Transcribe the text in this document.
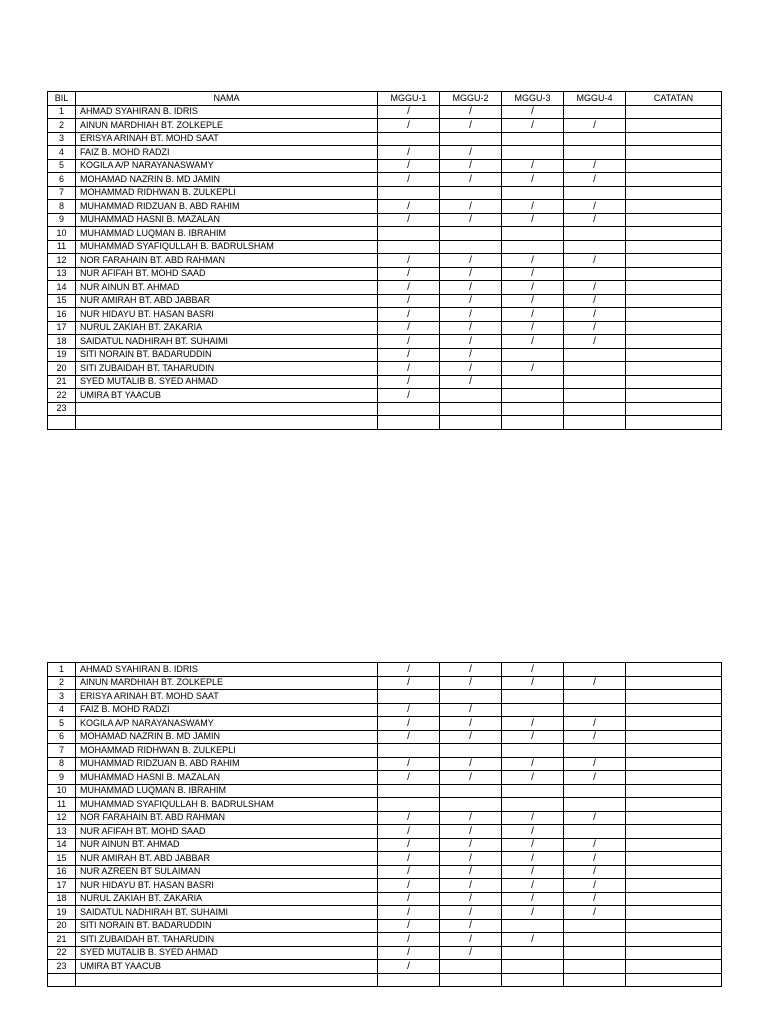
BIL	NAMA	MGGU-1	MGGU-2	MGGU-3	MGGU-4	CATATAN
1	AHMAD SYAHIRAN B. IDRIS	/	/	/		
2	AINUN MARDHIAH BT. ZOLKEPLE	/	/	/	/	
3	ERISYA ARINAH BT. MOHD SAAT					
4	FAIZ B. MOHD RADZI	/	/			
5	KOGILA A/P NARAYANASWAMY	/	/	/	/	
6	MOHAMAD NAZRIN B. MD JAMIN	/	/	/	/	
7	MOHAMMAD RIDHWAN B. ZULKEPLI					
8	MUHAMMAD RIDZUAN B. ABD RAHIM	/	/	/	/	
9	MUHAMMAD HASNI B. MAZALAN	/	/	/	/	
10	MUHAMMAD LUQMAN B. IBRAHIM					
11	MUHAMMAD SYAFIQULLAH B. BADRULSHAM					
12	NOR FARAHAIN BT. ABD RAHMAN	/	/	/	/	
13	NUR AFIFAH BT. MOHD SAAD	/	/	/		
14	NUR AINUN BT. AHMAD	/	/	/	/	
15	NUR AMIRAH BT. ABD JABBAR	/	/	/	/	
16	NUR HIDAYU BT. HASAN BASRI	/	/	/	/	
17	NURUL ZAKIAH BT. ZAKARIA	/	/	/	/	
18	SAIDATUL NADHIRAH BT. SUHAIMI	/	/	/	/	
19	SITI NORAIN BT. BADARUDDIN	/	/			
20	SITI ZUBAIDAH BT. TAHARUDIN	/	/	/		
21	SYED MUTALIB B. SYED AHMAD	/	/			
22	UMIRA BT YAACUB	/				
23						

1	AHMAD SYAHIRAN B. IDRIS	/	/	/		
2	AINUN MARDHIAH BT. ZOLKEPLE	/	/	/	/	
3	ERISYA ARINAH BT. MOHD SAAT					
4	FAIZ B. MOHD RADZI	/	/			
5	KOGILA A/P NARAYANASWAMY	/	/	/	/	
6	MOHAMAD NAZRIN B. MD JAMIN	/	/	/	/	
7	MOHAMMAD RIDHWAN B. ZULKEPLI					
8	MUHAMMAD RIDZUAN B. ABD RAHIM	/	/	/	/	
9	MUHAMMAD HASNI B. MAZALAN	/	/	/	/	
10	MUHAMMAD LUQMAN B. IBRAHIM					
11	MUHAMMAD SYAFIQULLAH B. BADRULSHAM					
12	NOR FARAHAIN BT. ABD RAHMAN	/	/	/	/	
13	NUR AFIFAH BT. MOHD SAAD	/	/	/		
14	NUR AINUN BT. AHMAD	/	/	/	/	
15	NUR AMIRAH BT. ABD JABBAR	/	/	/	/	
16	NUR AZREEN BT SULAIMAN	/	/	/	/	
17	NUR HIDAYU BT. HASAN BASRI	/	/	/	/	
18	NURUL ZAKIAH BT. ZAKARIA	/	/	/	/	
19	SAIDATUL NADHIRAH BT. SUHAIMI	/	/	/	/	
20	SITI NORAIN BT. BADARUDDIN	/	/			
21	SITI ZUBAIDAH BT. TAHARUDIN	/	/	/		
22	SYED MUTALIB B. SYED AHMAD	/	/			
23	UMIRA BT YAACUB	/				
